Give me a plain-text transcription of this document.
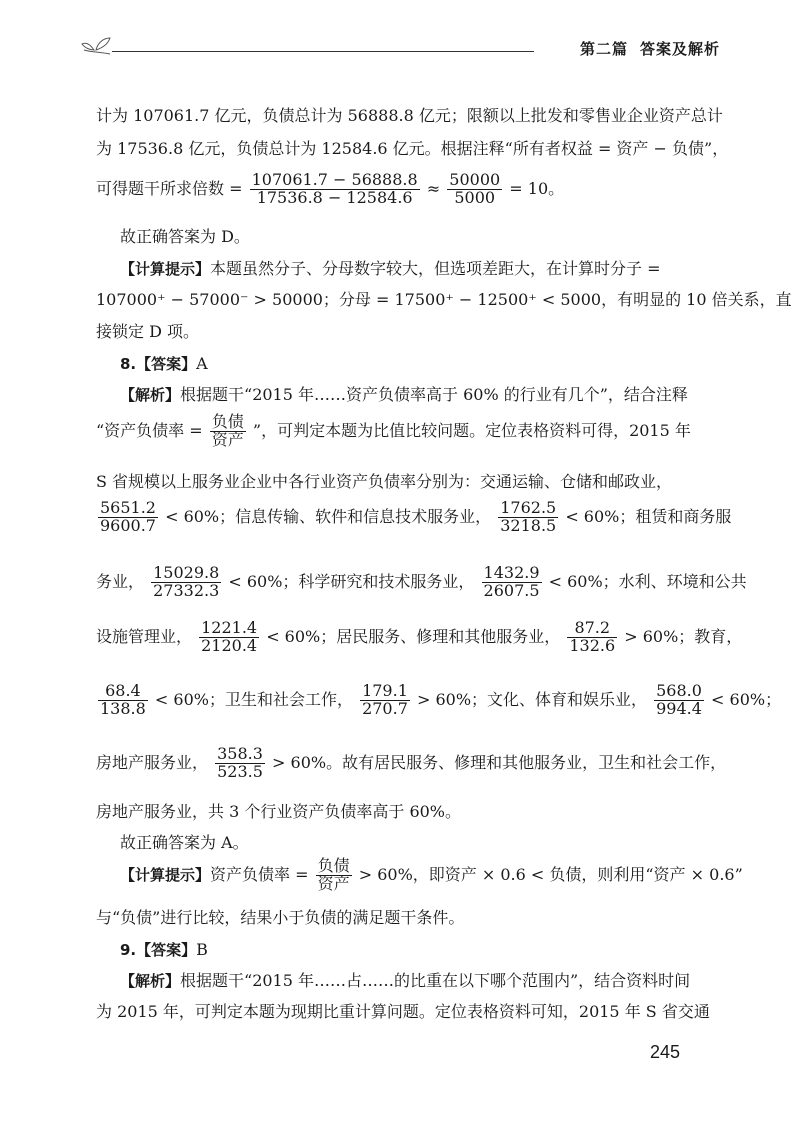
第二篇 答案及解析
计为 107061.7 亿元，负债总计为 56888.8 亿元；限额以上批发和零售业企业资产总计
为 17536.8 亿元，负债总计为 12584.6 亿元。根据注释“所有者权益 = 资产 − 负债”，
可得题干所求倍数 = $\frac{107061.7 - 56888.8}{17536.8 - 12584.6} \approx \frac{50000}{5000} = 10$。
故正确答案为 D。
【计算提示】本题虽然分子、分母数字较大，但选项差距大，在计算时分子 =
107000⁺ − 57000⁻ > 50000；分母 = 17500⁺ − 12500⁺ < 5000，有明显的 10 倍关系，直
接锁定 D 项。
8.【答案】A
【解析】根据题干“2015 年……资产负债率高于 60% 的行业有几个”，结合注释
“资产负债率 = $\frac{\text{负债}}{\text{资产}}$ ”，可判定本题为比值比较问题。定位表格资料可得，2015 年
S 省规模以上服务业企业中各行业资产负债率分别为：交通运输、仓储和邮政业，
$\frac{5651.2}{9600.7} < 60\%$；信息传输、软件和信息技术服务业， $\frac{1762.5}{3218.5} < 60\%$；租赁和商务服
务业， $\frac{15029.8}{27332.3} < 60\%$；科学研究和技术服务业， $\frac{1432.9}{2607.5} < 60\%$；水利、环境和公共
设施管理业， $\frac{1221.4}{2120.4} < 60\%$；居民服务、修理和其他服务业， $\frac{87.2}{132.6} > 60\%$；教育，
$\frac{68.4}{138.8} < 60\%$；卫生和社会工作， $\frac{179.1}{270.7} > 60\%$；文化、体育和娱乐业， $\frac{568.0}{994.4} < 60\%$；
房地产服务业， $\frac{358.3}{523.5} > 60\%$。故有居民服务、修理和其他服务业，卫生和社会工作，
房地产服务业，共 3 个行业资产负债率高于 60%。
故正确答案为 A。
【计算提示】资产负债率 = $\frac{\text{负债}}{\text{资产}} > 60\%$，即资产 × 0.6 < 负债，则利用“资产 × 0.6”
与“负债”进行比较，结果小于负债的满足题干条件。
9.【答案】B
【解析】根据题干“2015 年……占……的比重在以下哪个范围内”，结合资料时间
为 2015 年，可判定本题为现期比重计算问题。定位表格资料可知，2015 年 S 省交通
245
